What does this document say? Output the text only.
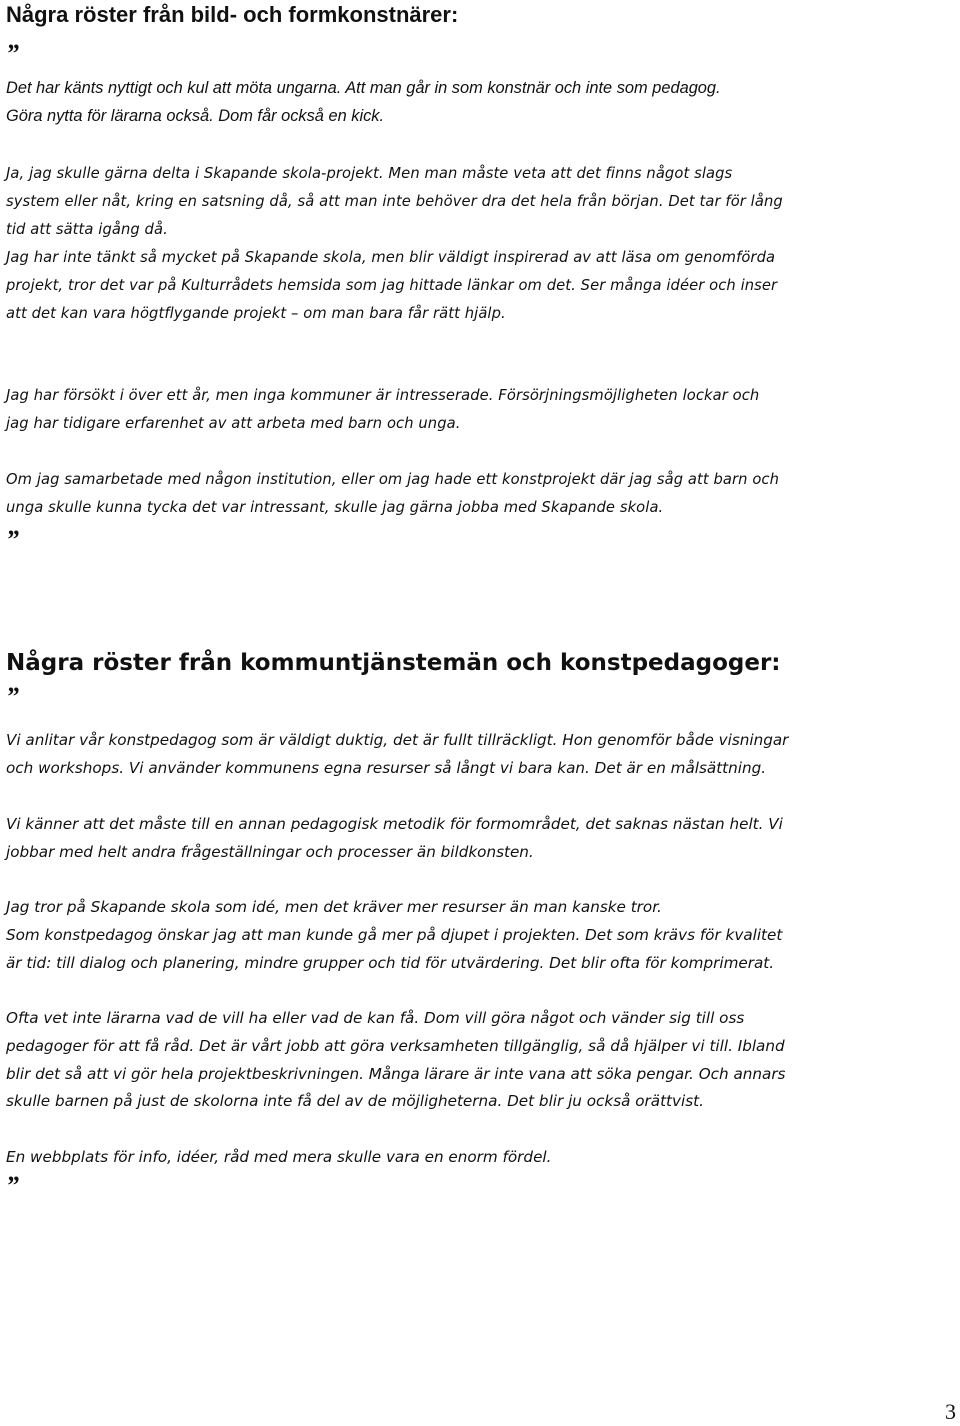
Några röster från bild- och formkonstnärer:
”

Det har känts nyttigt och kul att möta ungarna. Att man går in som konstnär och inte som pedagog.
Göra nytta för lärarna också. Dom får också en kick.

Ja, jag skulle gärna delta i Skapande skola-projekt. Men man måste veta att det finns något slags
system eller nåt, kring en satsning då, så att man inte behöver dra det hela från början. Det tar för lång
tid att sätta igång då.

Jag har inte tänkt så mycket på Skapande skola, men blir väldigt inspirerad av att läsa om genomförda
projekt, tror det var på Kulturrådets hemsida som jag hittade länkar om det. Ser många idéer och inser
att det kan vara högtflygande projekt – om man bara får rätt hjälp.

Jag har försökt i över ett år, men inga kommuner är intresserade. Försörjningsmöjligheten lockar och
jag har tidigare erfarenhet av att arbeta med barn och unga.

Om jag samarbetade med någon institution, eller om jag hade ett konstprojekt där jag såg att barn och
unga skulle kunna tycka det var intressant, skulle jag gärna jobba med Skapande skola.

”
Några röster från kommuntjänstemän och konstpedagoger:
”

Vi anlitar vår konstpedagog som är väldigt duktig, det är fullt tillräckligt. Hon genomför både visningar
och workshops. Vi använder kommunens egna resurser så långt vi bara kan. Det är en målsättning.

Vi känner att det måste till en annan pedagogisk metodik för formområdet, det saknas nästan helt. Vi
jobbar med helt andra frågeställningar och processer än bildkonsten.

Jag tror på Skapande skola som idé, men det kräver mer resurser än man kanske tror.
Som konstpedagog önskar jag att man kunde gå mer på djupet i projekten. Det som krävs för kvalitet
är tid: till dialog och planering, mindre grupper och tid för utvärdering. Det blir ofta för komprimerat.

Ofta vet inte lärarna vad de vill ha eller vad de kan få. Dom vill göra något och vänder sig till oss
pedagoger för att få råd. Det är vårt jobb att göra verksamheten tillgänglig, så då hjälper vi till. Ibland
blir det så att vi gör hela projektbeskrivningen. Många lärare är inte vana att söka pengar. Och annars
skulle barnen på just de skolorna inte få del av de möjligheterna. Det blir ju också orättvist.

En webbplats för info, idéer, råd med mera skulle vara en enorm fördel.

”
3
